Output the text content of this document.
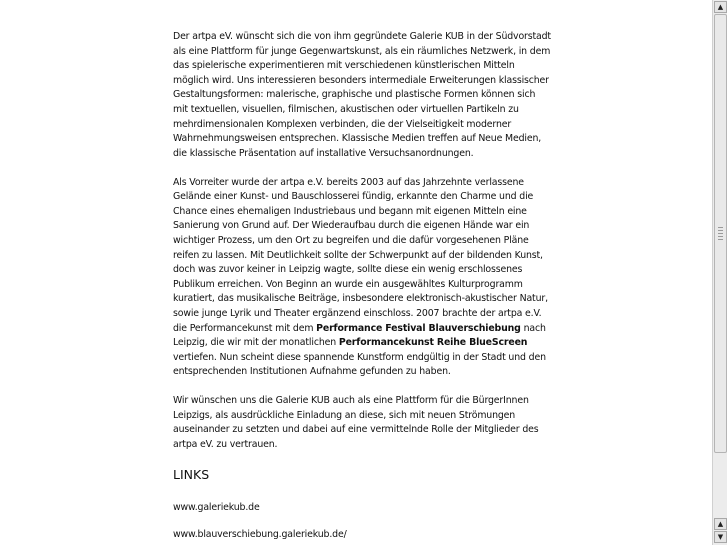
Der artpa eV. wünscht sich die von ihm gegründete Galerie KUB in der Südvorstadt als eine Plattform für junge Gegenwartskunst, als ein räumliches Netzwerk, in dem das spielerische experimentieren mit verschiedenen künstlerischen Mitteln möglich wird. Uns interessieren besonders intermediale Erweiterungen klassischer Gestaltungsformen: malerische, graphische und plastische Formen können sich mit textuellen, visuellen, filmischen, akustischen oder virtuellen Partikeln zu mehrdimensionalen Komplexen verbinden, die der Vielseitigkeit moderner Wahrnehmungsweisen entsprechen. Klassische Medien treffen auf Neue Medien, die klassische Präsentation auf installative Versuchsanordnungen.

Als Vorreiter wurde der artpa e.V. bereits 2003 auf das Jahrzehnte verlassene Gelände einer Kunst- und Bauschlosserei fündig, erkannte den Charme und die Chance eines ehemaligen Industriebaus und begann mit eigenen Mitteln eine Sanierung von Grund auf. Der Wiederaufbau durch die eigenen Hände war ein wichtiger Prozess, um den Ort zu begreifen und die dafür vorgesehenen Pläne reifen zu lassen. Mit Deutlichkeit sollte der Schwerpunkt auf der bildenden Kunst, doch was zuvor keiner in Leipzig wagte, sollte diese ein wenig erschlossenes Publikum erreichen. Von Beginn an wurde ein ausgewähltes Kulturprogramm kuratiert, das musikalische Beiträge, insbesondere elektronisch-akustischer Natur, sowie junge Lyrik und Theater ergänzend einschloss. 2007 brachte der artpa e.V. die Performancekunst mit dem Performance Festival Blauverschiebung nach Leipzig, die wir mit der monatlichen Performancekunst Reihe BlueScreen vertiefen. Nun scheint diese spannende Kunstform endgültig in der Stadt und den entsprechenden Institutionen Aufnahme gefunden zu haben.

Wir wünschen uns die Galerie KUB auch als eine Plattform für die BürgerInnen Leipzigs, als ausdrückliche Einladung an diese, sich mit neuen Strömungen auseinander zu setzten und dabei auf eine vermittelnde Rolle der Mitglieder des artpa eV. zu vertrauen.

LINKS
www.galeriekub.de
www.blauverschiebung.galeriekub.de/
▲
▲
▼
